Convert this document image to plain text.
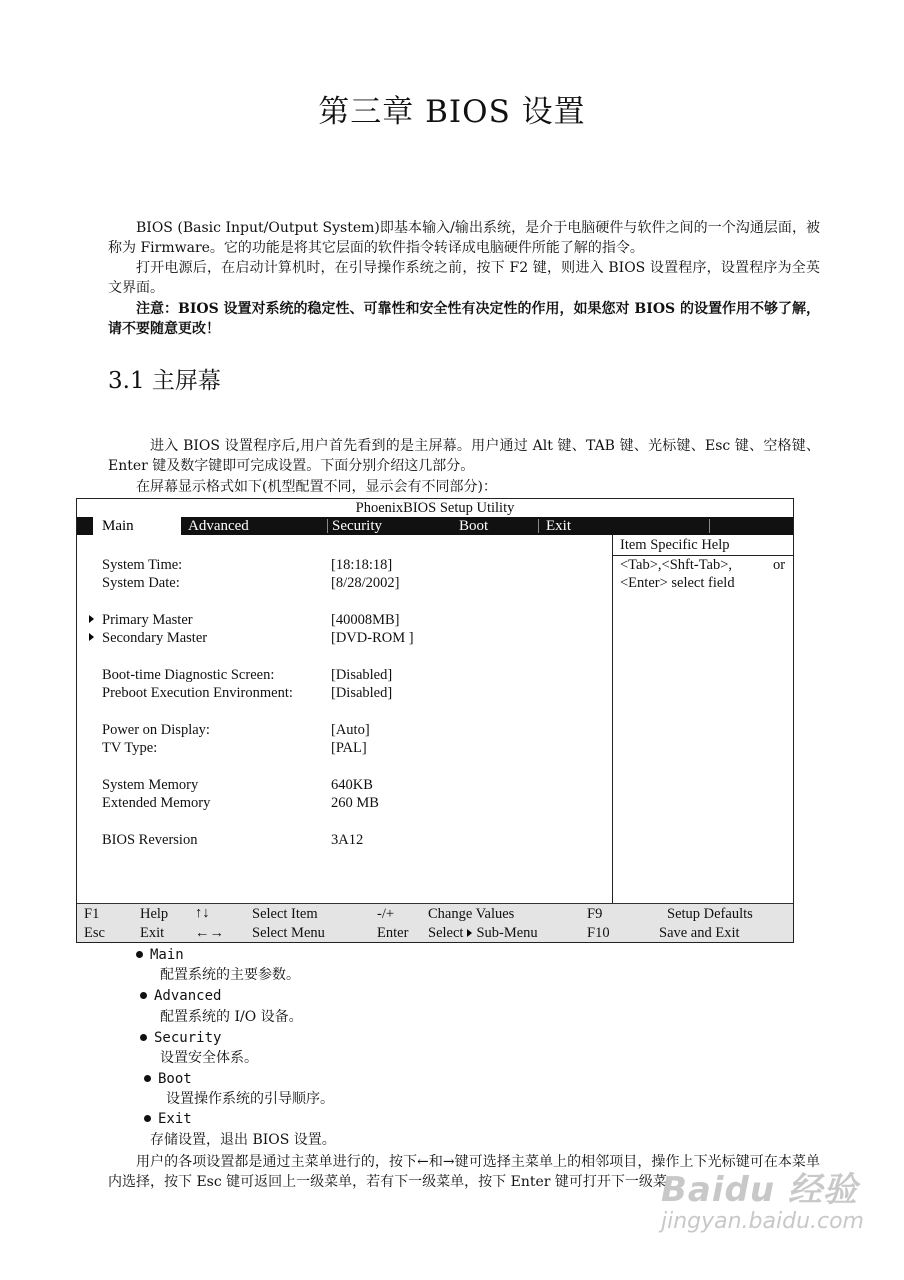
第三章 BIOS 设置
BIOS (Basic Input/Output System)即基本输入/输出系统，是介于电脑硬件与软件之间的一个沟通层面，被称为 Firmware。它的功能是将其它层面的软件指令转译成电脑硬件所能了解的指令。
打开电源后，在启动计算机时，在引导操作系统之前，按下 F2 键，则进入 BIOS 设置程序，设置程序为全英文界面。
注意：BIOS 设置对系统的稳定性、可靠性和安全性有决定性的作用，如果您对 BIOS 的设置作用不够了解，请不要随意更改！
3.1 主屏幕
进入 BIOS 设置程序后,用户首先看到的是主屏幕。用户通过 Alt 键、TAB 键、光标键、Esc 键、空格键、Enter 键及数字键即可完成设置。下面分别介绍这几部分。
在屏幕显示格式如下(机型配置不同，显示会有不同部分)：
PhoenixBIOS Setup Utility
Main	Advanced	Security	Boot	Exit
Item Specific Help
<Tab>,<Shft-Tab>,	or
<Enter> select field
System Time:	[18:18:18]
System Date:	[8/28/2002]
Primary Master	[40008MB]
Secondary Master	[DVD-ROM ]
Boot-time Diagnostic Screen:	[Disabled]
Preboot Execution Environment:	[Disabled]
Power on Display:	[Auto]
TV Type:	[PAL]
System Memory	640KB
Extended Memory	260 MB
BIOS Reversion	3A12
F1	Help ↑↓	Select Item	-/+ Change Values	F9	Setup Defaults
Esc Exit ←→ Select Menu	Enter Select Sub-Menu	F10	Save and Exit
Main
配置系统的主要参数。
Advanced
配置系统的 I/O 设备。
Security
设置安全体系。
Boot
设置操作系统的引导顺序。
Exit
存储设置，退出 BIOS 设置。
用户的各项设置都是通过主菜单进行的，按下←和→键可选择主菜单上的相邻项目，操作上下光标键可在本菜单内选择，按下 Esc 键可返回上一级菜单，若有下一级菜单，按下 Enter 键可打开下一级菜
Baidu 经验
jingyan.baidu.com
